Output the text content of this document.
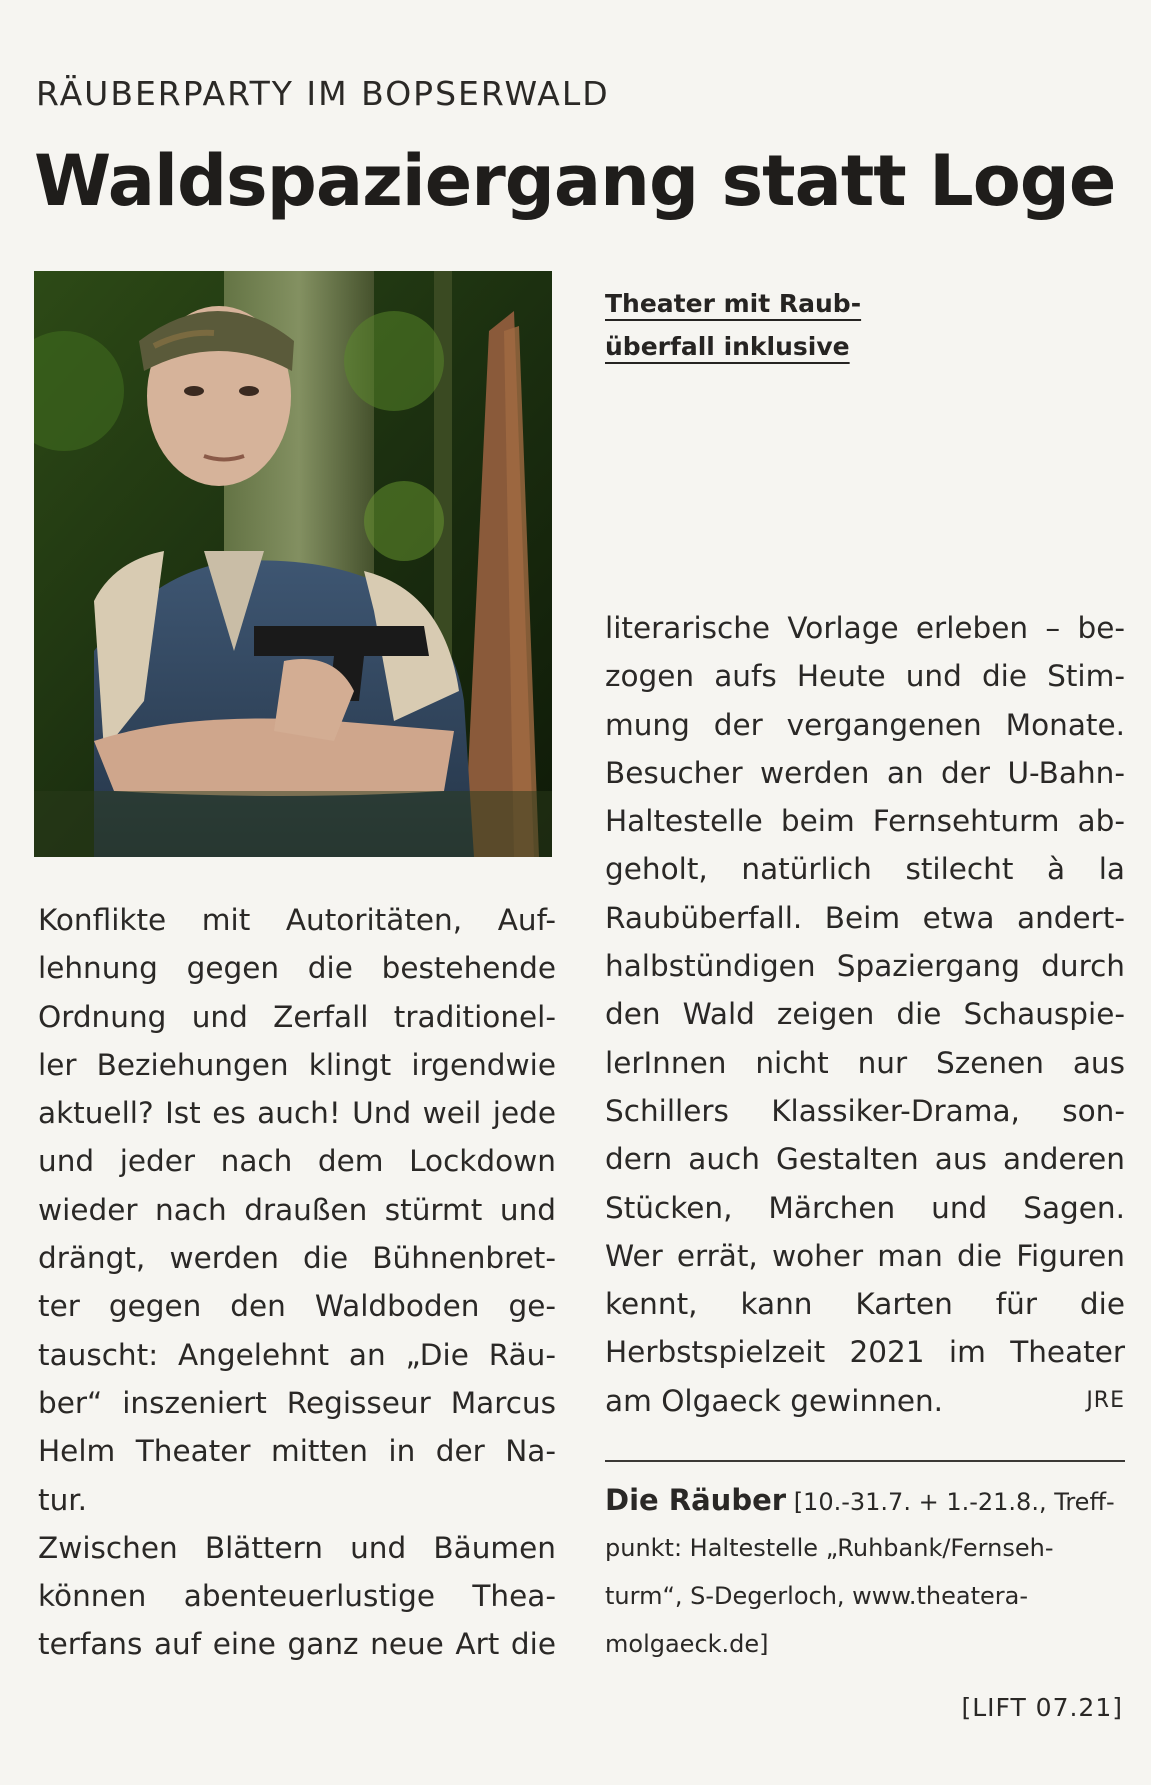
RÄUBERPARTY IM BOPSERWALD
Waldspaziergang statt Loge
Theater mit Raub-
überfall inklusive
Konflikte mit Autoritäten, Auf-
lehnung gegen die bestehende
Ordnung und Zerfall traditionel-
ler Beziehungen klingt irgendwie
aktuell? Ist es auch! Und weil jede
und jeder nach dem Lockdown
wieder nach draußen stürmt und
drängt, werden die Bühnenbret-
ter gegen den Waldboden ge-
tauscht: Angelehnt an „Die Räu-
ber“ inszeniert Regisseur Marcus
Helm Theater mitten in der Na-
tur.
Zwischen Blättern und Bäumen
können abenteuerlustige Thea-
terfans auf eine ganz neue Art die
literarische Vorlage erleben – be-
zogen aufs Heute und die Stim-
mung der vergangenen Monate.
Besucher werden an der U-Bahn-
Haltestelle beim Fernsehturm ab-
geholt, natürlich stilecht à la
Raubüberfall. Beim etwa andert-
halbstündigen Spaziergang durch
den Wald zeigen die Schauspie-
lerInnen nicht nur Szenen aus
Schillers Klassiker-Drama, son-
dern auch Gestalten aus anderen
Stücken, Märchen und Sagen.
Wer errät, woher man die Figuren
kennt, kann Karten für die
Herbstspielzeit 2021 im Theater
am Olgaeck gewinnen.	JRE
Die Räuber [10.-31.7. + 1.-21.8., Treff-
punkt: Haltestelle „Ruhbank/Fernseh-
turm“, S-Degerloch, www.theatera-
molgaeck.de]
[LIFT 07.21]
